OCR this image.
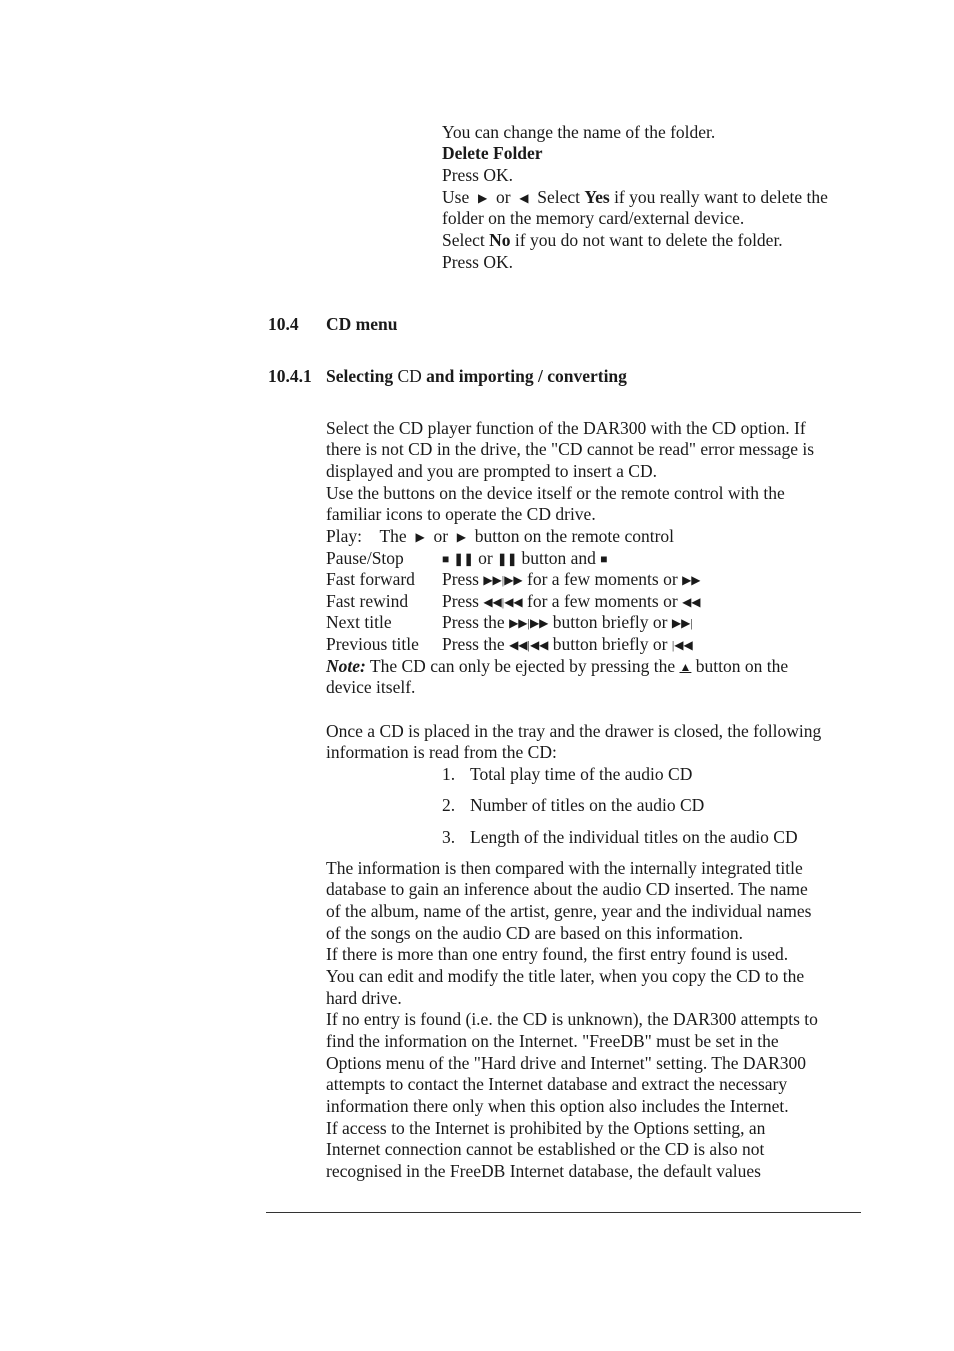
You can change the name of the folder.
Delete Folder
Press OK.
Use ▶ or ◀ Select Yes if you really want to delete the
folder on the memory card/external device.
Select No if you do not want to delete the folder.
Press OK.
10.4 CD menu
10.4.1 Selecting CD and importing / converting
Select the CD player function of the DAR300 with the CD option. If
there is not CD in the drive, the "CD cannot be read" error message is
displayed and you are prompted to insert a CD.
Use the buttons on the device itself or the remote control with the
familiar icons to operate the CD drive.
Play: The ▶ or ▶ button on the remote control
Pause/Stop	■ ❚❚ or ❚❚ button and ■
Fast forward Press ▶▶|▶▶ for a few moments or ▶▶
Fast rewind Press ◀◀|◀◀ for a few moments or ◀◀
Next title	Press the ▶▶|▶▶ button briefly or ▶▶|
Previous title Press the ◀◀|◀◀ button briefly or |◀◀
Note: The CD can only be ejected by pressing the ▲ button on the
device itself.
Once a CD is placed in the tray and the drawer is closed, the following
information is read from the CD:
1. Total play time of the audio CD
2. Number of titles on the audio CD
3. Length of the individual titles on the audio CD
The information is then compared with the internally integrated title
database to gain an inference about the audio CD inserted. The name
of the album, name of the artist, genre, year and the individual names
of the songs on the audio CD are based on this information.
If there is more than one entry found, the first entry found is used.
You can edit and modify the title later, when you copy the CD to the
hard drive.
If no entry is found (i.e. the CD is unknown), the DAR300 attempts to
find the information on the Internet. "FreeDB" must be set in the
Options menu of the "Hard drive and Internet" setting. The DAR300
attempts to contact the Internet database and extract the necessary
information there only when this option also includes the Internet.
If access to the Internet is prohibited by the Options setting, an
Internet connection cannot be established or the CD is also not
recognised in the FreeDB Internet database, the default values
